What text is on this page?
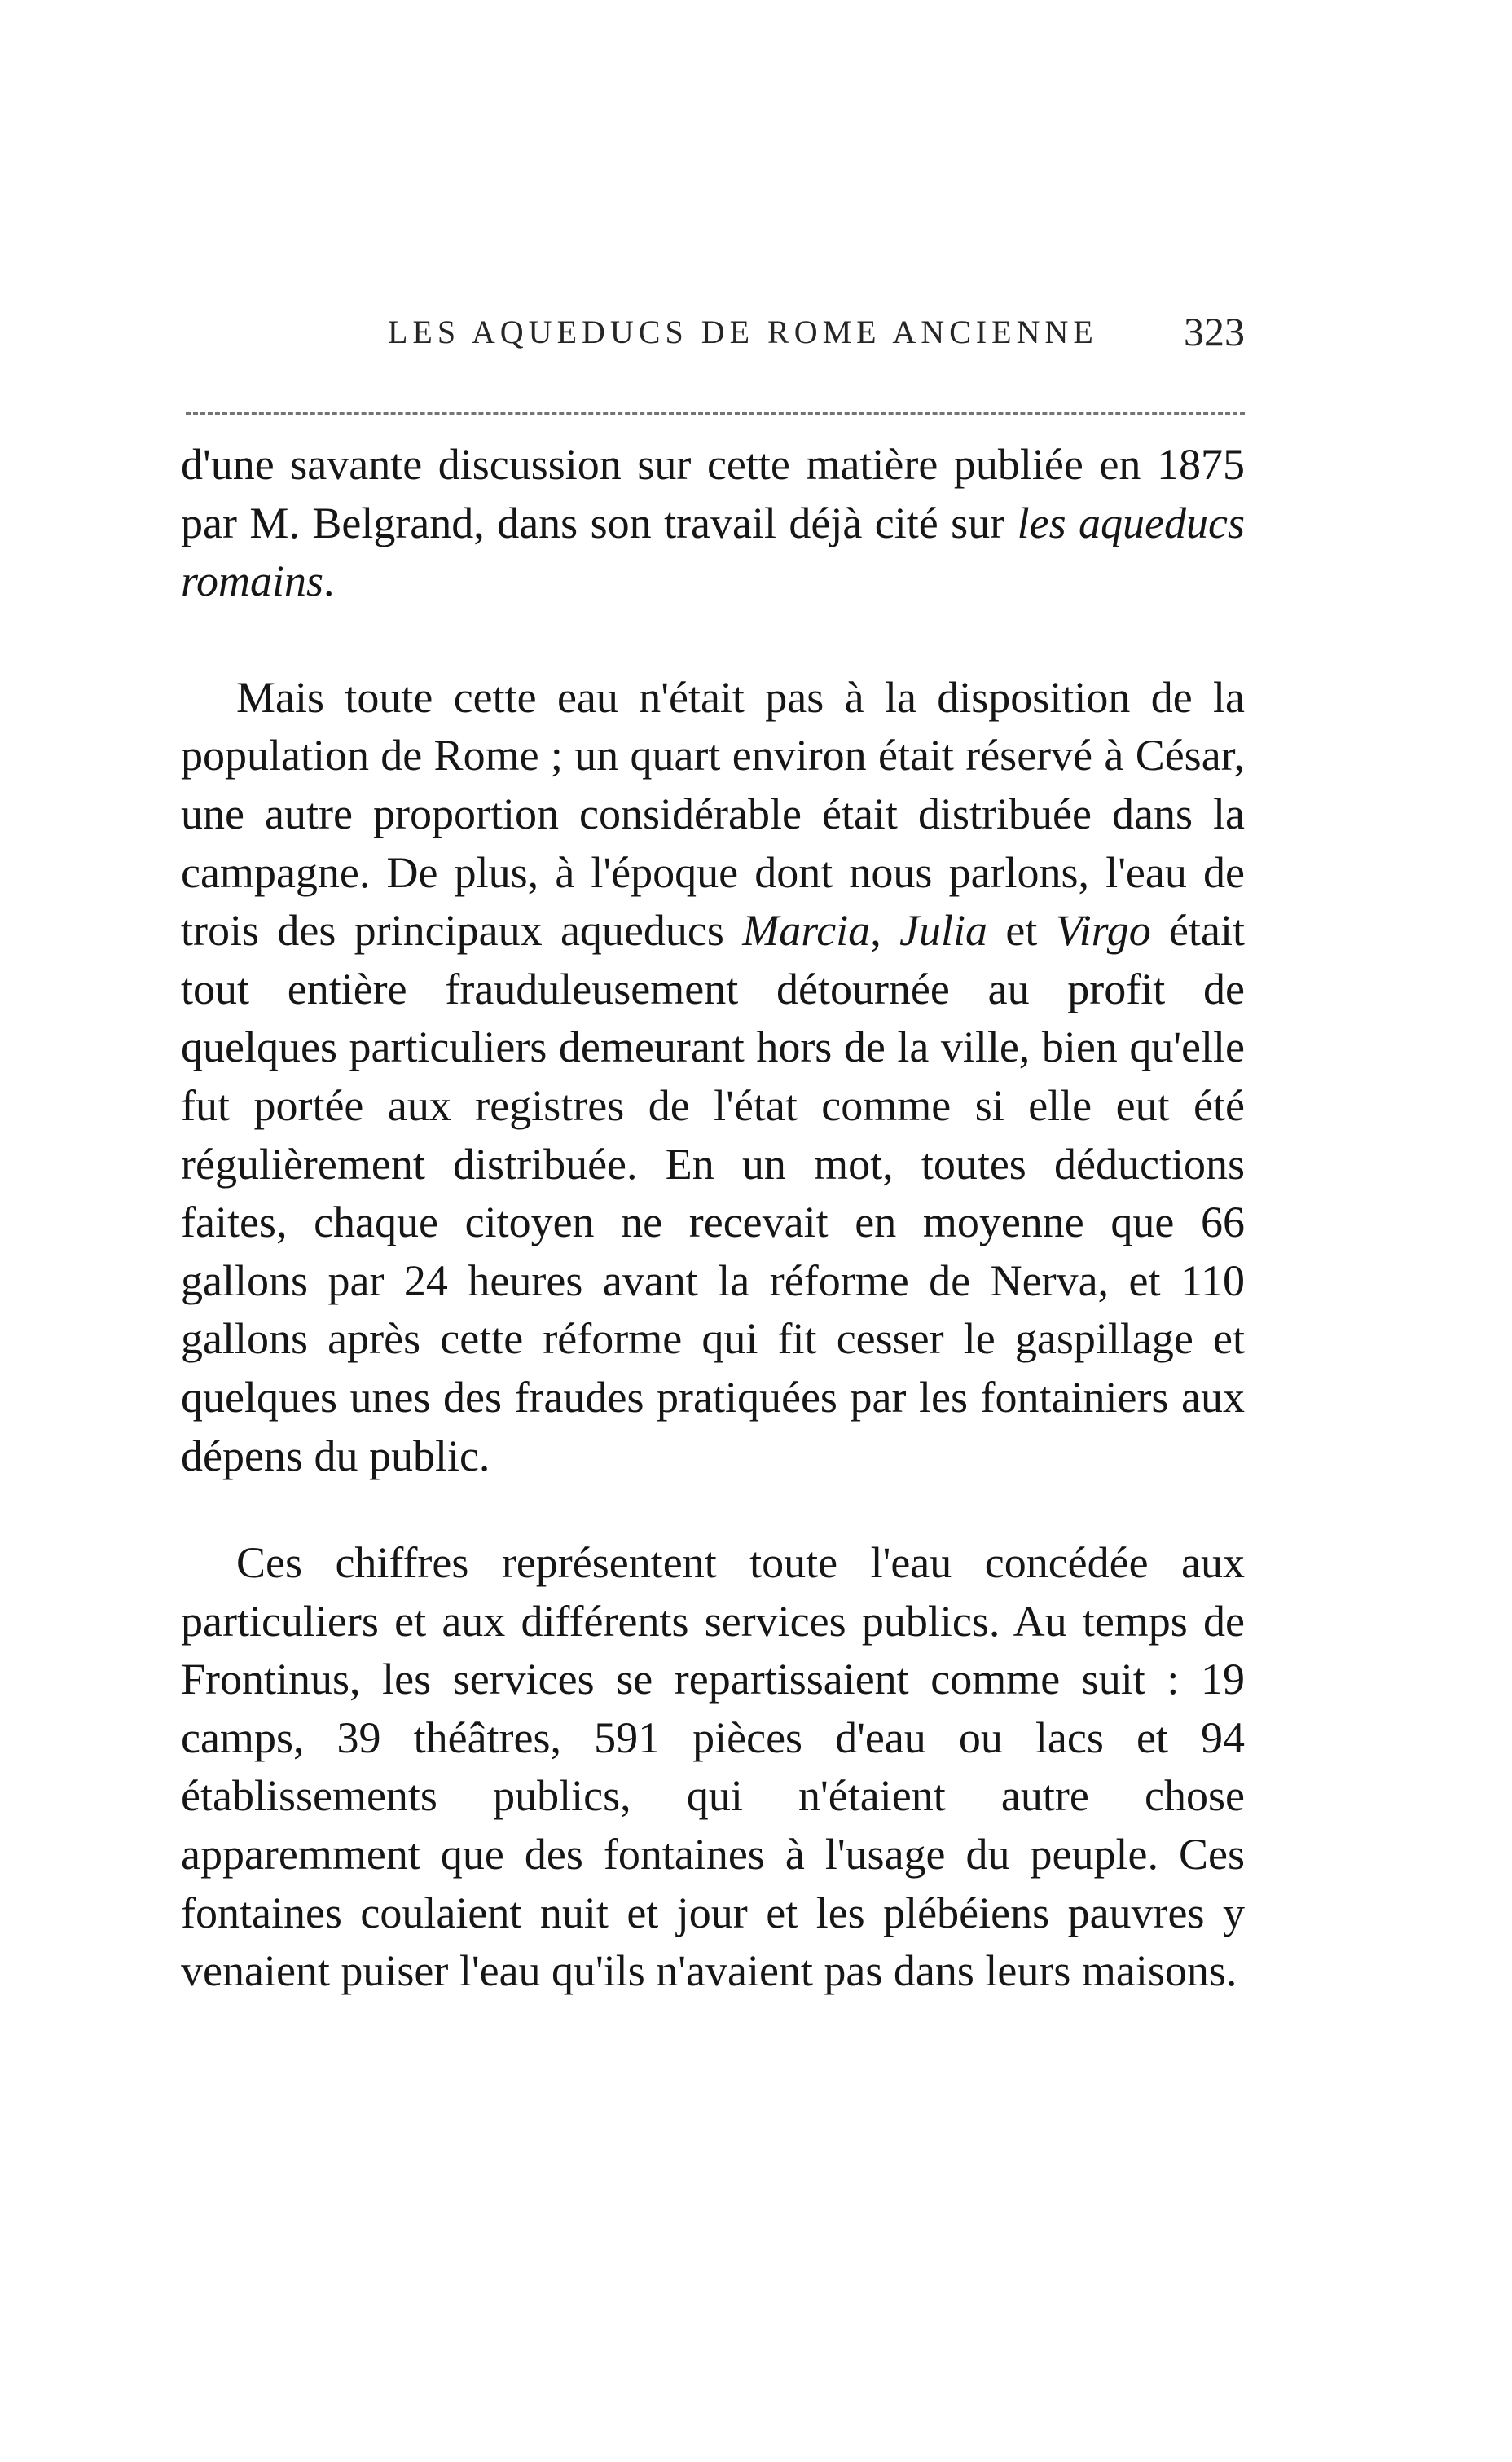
LES AQUEDUCS DE ROME ANCIENNE 323

d'une savante discussion sur cette matière publiée en 1875 par M. Belgrand, dans son travail déjà cité sur les aqueducs romains.

Mais toute cette eau n'était pas à la disposition de la population de Rome ; un quart environ était réservé à César, une autre proportion considérable était distribuée dans la campagne. De plus, à l'époque dont nous parlons, l'eau de trois des principaux aqueducs Marcia, Julia et Virgo était tout entière frauduleusement détournée au profit de quelques particuliers demeurant hors de la ville, bien qu'elle fut portée aux registres de l'état comme si elle eut été régulièrement distribuée. En un mot, toutes déductions faites, chaque citoyen ne recevait en moyenne que 66 gallons par 24 heures avant la réforme de Nerva, et 110 gallons après cette réforme qui fit cesser le gaspillage et quelques unes des fraudes pratiquées par les fontainiers aux dépens du public.

Ces chiffres représentent toute l'eau concédée aux particuliers et aux différents services publics. Au temps de Frontinus, les services se repartissaient comme suit : 19 camps, 39 théâtres, 591 pièces d'eau ou lacs et 94 établissements publics, qui n'étaient autre chose apparemment que des fontaines à l'usage du peuple. Ces fontaines coulaient nuit et jour et les plébéiens pauvres y venaient puiser l'eau qu'ils n'avaient pas dans leurs maisons.
